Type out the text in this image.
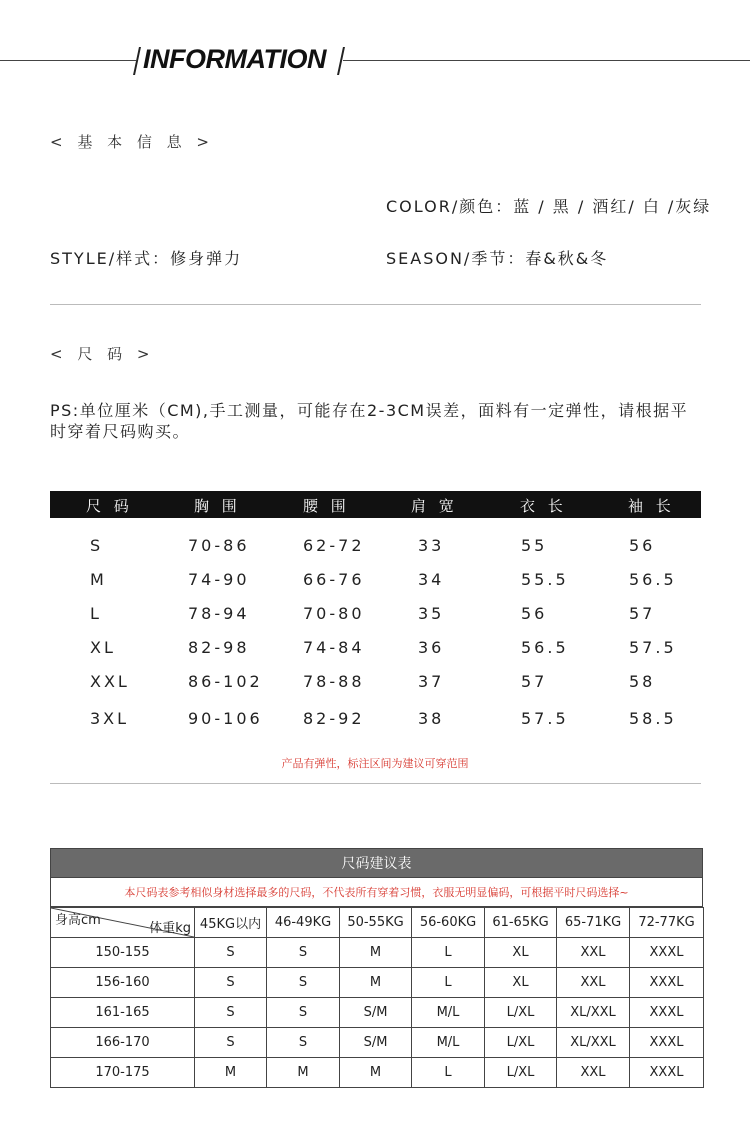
INFORMATION
< 基 本 信 息 >
COLOR/颜色：蓝 / 黑 / 酒红/ 白 /灰绿
STYLE/样式：修身弹力	SEASON/季节：春&秋&冬
< 尺 码 >
PS:单位厘米（CM),手工测量，可能存在2-3CM误差，面料有一定弹性，请根据平时穿着尺码购买。
尺 码	胸 围	腰 围	肩 宽	衣 长	袖 长
S	70-86	62-72	33	55	56
M	74-90	66-76	34	55.5	56.5
L	78-94	70-80	35	56	57
XL	82-98	74-84	36	56.5	57.5
XXL	86-102	78-88	37	57	58
3XL	90-106	82-92	38	57.5	58.5
产品有弹性，标注区间为建议可穿范围
尺码建议表
本尺码表参考相似身材选择最多的尺码，不代表所有穿着习惯，衣服无明显偏码，可根据平时尺码选择~
身高cm
体重kg	45KG以内	46-49KG	50-55KG	56-60KG	61-65KG	65-71KG	72-77KG
150-155	S	S	M	L	XL	XXL	XXXL
156-160	S	S	M	L	XL	XXL	XXXL
161-165	S	S	S/M	M/L	L/XL	XL/XXL	XXXL
166-170	S	S	S/M	M/L	L/XL	XL/XXL	XXXL
170-175	M	M	M	L	L/XL	XXL	XXXL
